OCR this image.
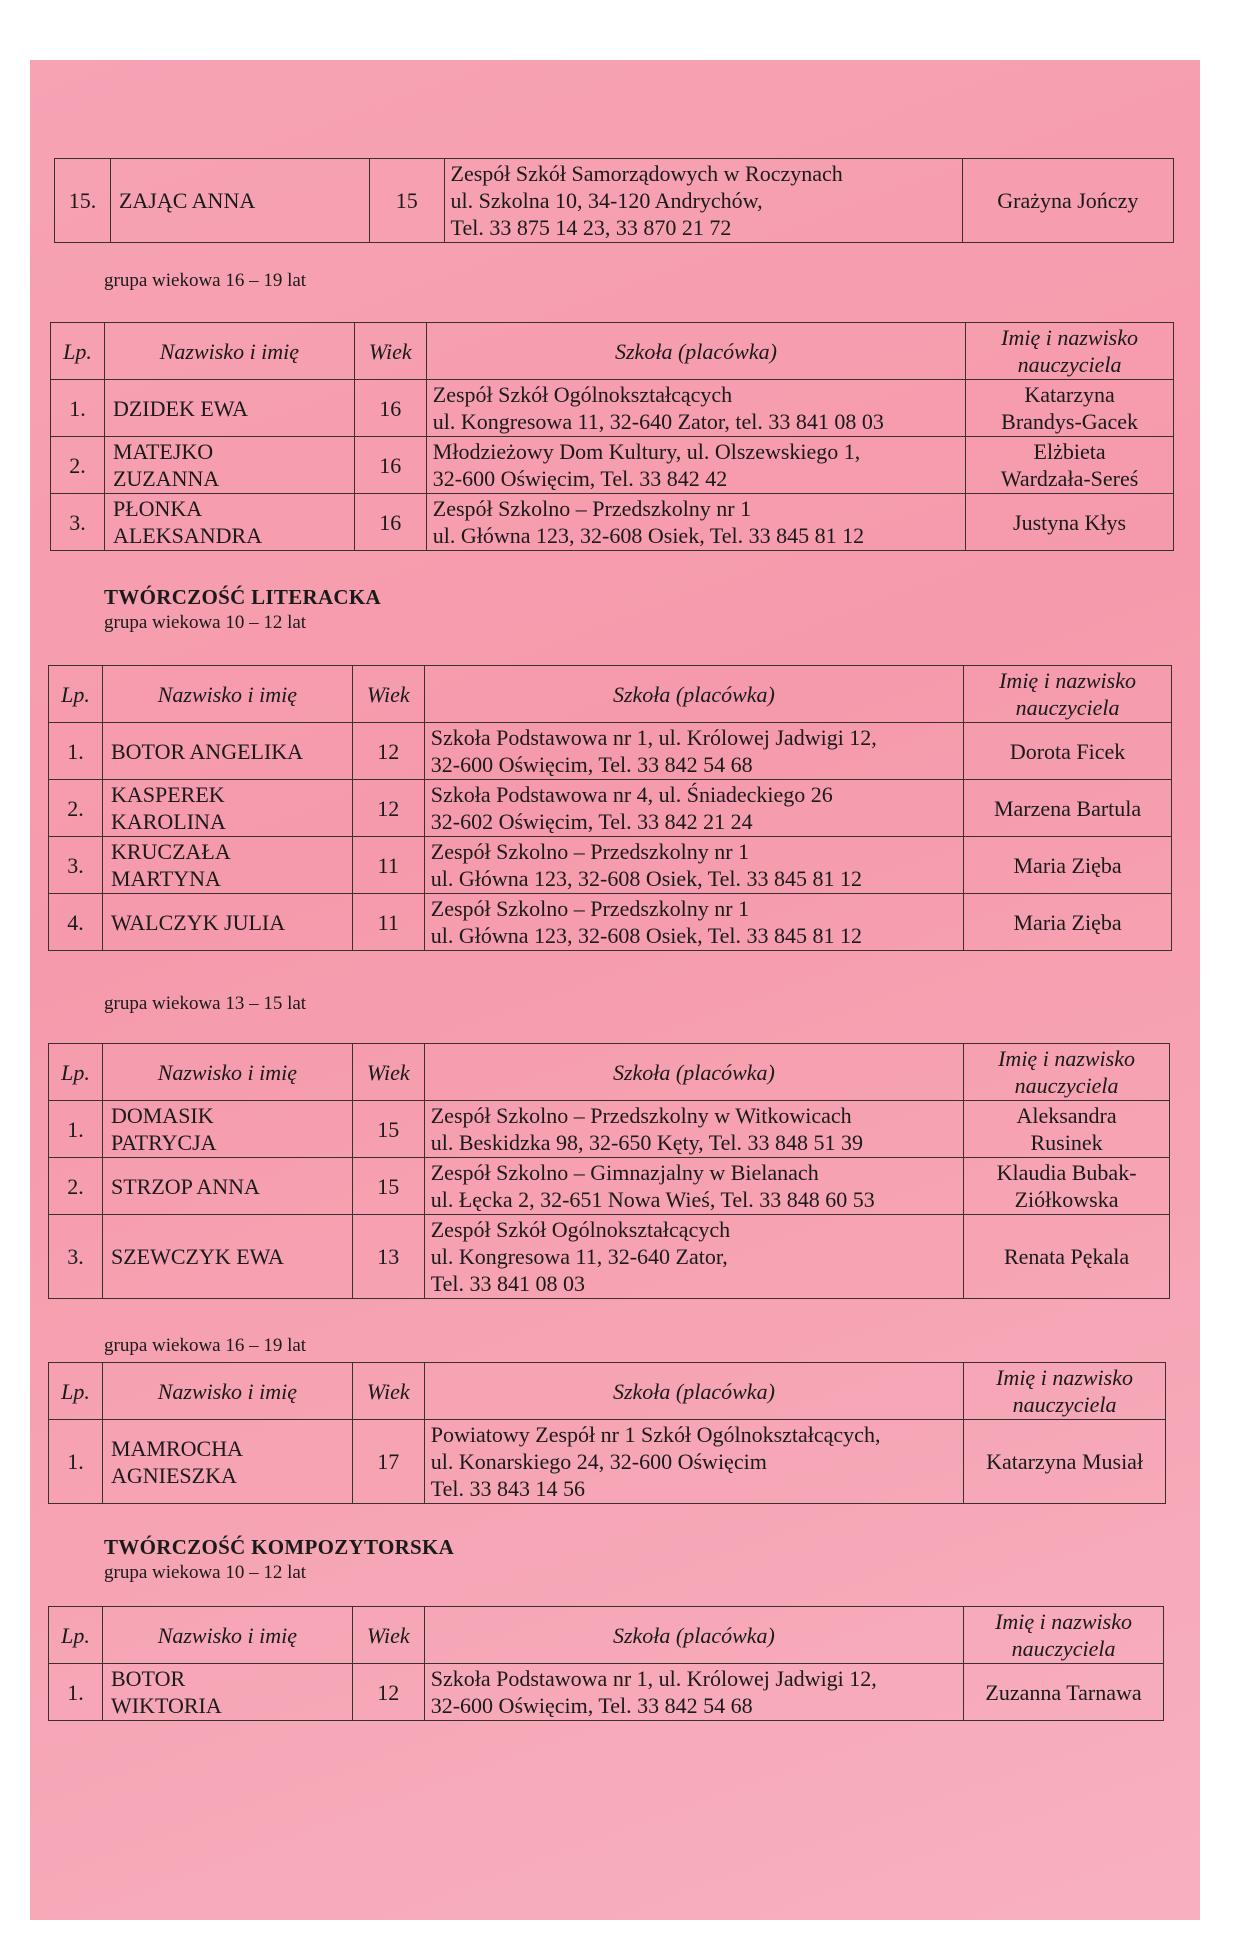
15.	ZAJĄC ANNA	15	Zespół Szkół Samorządowych w Roczynach
ul. Szkolna 10, 34-120 Andrychów,
Tel. 33 875 14 23, 33 870 21 72	Grażyna Jończy
grupa wiekowa 16 – 19 lat
Lp.	Nazwisko i imię	Wiek	Szkoła (placówka)	Imię i nazwisko
nauczyciela
1.	DZIDEK EWA	16	Zespół Szkół Ogólnokształcących
ul. Kongresowa 11, 32-640 Zator, tel. 33 841 08 03	Katarzyna
Brandys-Gacek
2.	MATEJKO
ZUZANNA	16	Młodzieżowy Dom Kultury, ul. Olszewskiego 1,
32-600 Oświęcim, Tel. 33 842 42	Elżbieta
Wardzała-Sereś
3.	PŁONKA
ALEKSANDRA	16	Zespół Szkolno – Przedszkolny nr 1
ul. Główna 123, 32-608 Osiek, Tel. 33 845 81 12	Justyna Kłys
TWÓRCZOŚĆ LITERACKA
grupa wiekowa 10 – 12 lat
Lp.	Nazwisko i imię	Wiek	Szkoła (placówka)	Imię i nazwisko
nauczyciela
1.	BOTOR ANGELIKA	12	Szkoła Podstawowa nr 1, ul. Królowej Jadwigi 12,
32-600 Oświęcim, Tel. 33 842 54 68	Dorota Ficek
2.	KASPEREK
KAROLINA	12	Szkoła Podstawowa nr 4, ul. Śniadeckiego 26
32-602 Oświęcim, Tel. 33 842 21 24	Marzena Bartula
3.	KRUCZAŁA
MARTYNA	11	Zespół Szkolno – Przedszkolny nr 1
ul. Główna 123, 32-608 Osiek, Tel. 33 845 81 12	Maria Zięba
4.	WALCZYK JULIA	11	Zespół Szkolno – Przedszkolny nr 1
ul. Główna 123, 32-608 Osiek, Tel. 33 845 81 12	Maria Zięba
grupa wiekowa 13 – 15 lat
Lp.	Nazwisko i imię	Wiek	Szkoła (placówka)	Imię i nazwisko
nauczyciela
1.	DOMASIK
PATRYCJA	15	Zespół Szkolno – Przedszkolny w Witkowicach
ul. Beskidzka 98, 32-650 Kęty, Tel. 33 848 51 39	Aleksandra
Rusinek
2.	STRZOP ANNA	15	Zespół Szkolno – Gimnazjalny w Bielanach
ul. Łęcka 2, 32-651 Nowa Wieś, Tel. 33 848 60 53	Klaudia Bubak-
Ziółkowska
3.	SZEWCZYK EWA	13	Zespół Szkół Ogólnokształcących
ul. Kongresowa 11, 32-640 Zator,
Tel. 33 841 08 03	Renata Pękala
grupa wiekowa 16 – 19 lat
Lp.	Nazwisko i imię	Wiek	Szkoła (placówka)	Imię i nazwisko
nauczyciela
1.	MAMROCHA
AGNIESZKA	17	Powiatowy Zespół nr 1 Szkół Ogólnokształcących,
ul. Konarskiego 24, 32-600 Oświęcim
Tel. 33 843 14 56	Katarzyna Musiał
TWÓRCZOŚĆ KOMPOZYTORSKA
grupa wiekowa 10 – 12 lat
Lp.	Nazwisko i imię	Wiek	Szkoła (placówka)	Imię i nazwisko
nauczyciela
1.	BOTOR
WIKTORIA	12	Szkoła Podstawowa nr 1, ul. Królowej Jadwigi 12,
32-600 Oświęcim, Tel. 33 842 54 68	Zuzanna Tarnawa
